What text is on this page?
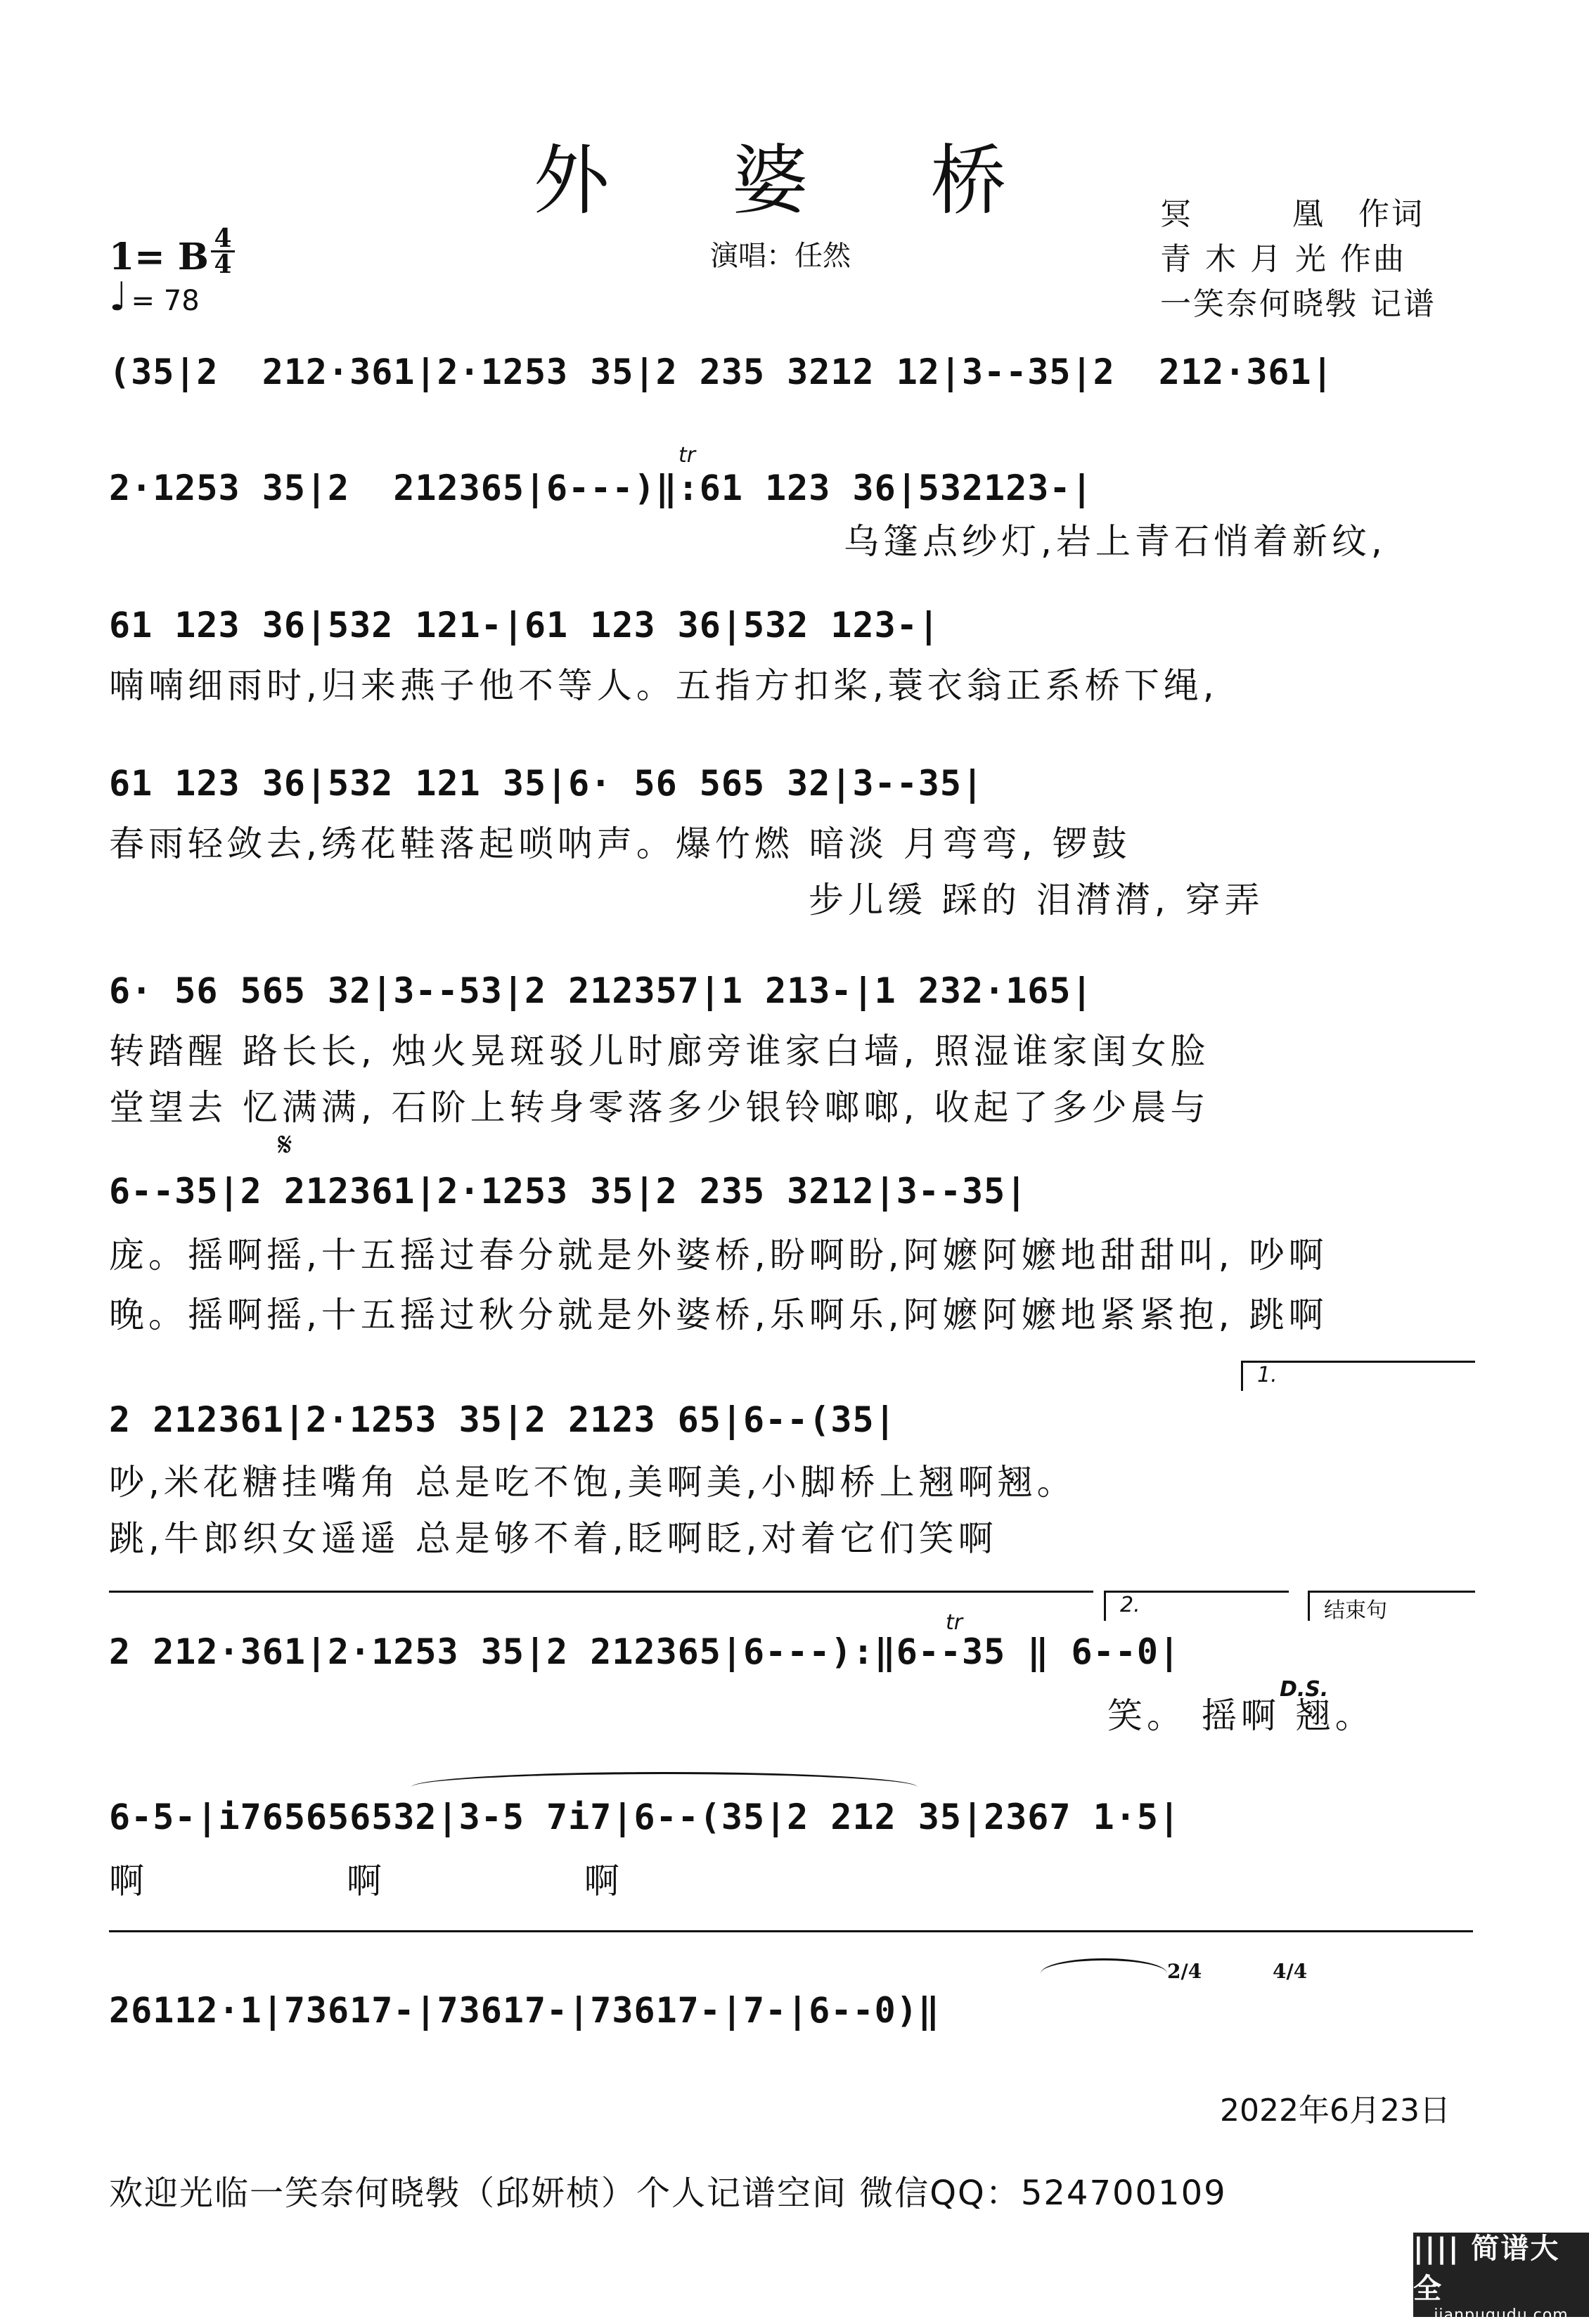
外 婆 桥	冥　　　凰　作词
青 木 月 光 作曲
一笑奈何晓斅 记谱
1= B 4
4
♩ = 78
演唱：任然
(35|2  212·361|2·1253 35|2 235 3212 12|3--35|2  212·361|
tr
2·1253 35|2  212365|6---)‖:61 123 36|532123-|
乌篷点纱灯,岩上青石悄着新纹,
61 123 36|532 121-|61 123 36|532 123-|
喃喃细雨时,归来燕子他不等人。五指方扣桨,蓑衣翁正系桥下绳,
61 123 36|532 121 35|6· 56 565 32|3--35|
春雨轻敛去,绣花鞋落起唢呐声。爆竹燃 暗淡 月弯弯, 锣鼓
步儿缓 踩的 泪潸潸, 穿弄
6· 56 565 32|3--53|2 212357|1 213-|1 232·165|
转踏醒 路长长, 烛火晃斑驳儿时廊旁谁家白墙, 照湿谁家闺女脸
堂望去 忆满满, 石阶上转身零落多少银铃啷啷, 收起了多少晨与
𝄋
6--35|2 212361|2·1253 35|2 235 3212|3--35|
庞。摇啊摇,十五摇过春分就是外婆桥,盼啊盼,阿嬷阿嬷地甜甜叫, 吵啊
晚。摇啊摇,十五摇过秋分就是外婆桥,乐啊乐,阿嬷阿嬷地紧紧抱, 跳啊
1.
2 212361|2·1253 35|2 2123 65|6--(35|
吵,米花糖挂嘴角 总是吃不饱,美啊美,小脚桥上翘啊翘。
跳,牛郎织女遥遥 总是够不着,眨啊眨,对着它们笑啊
2.	结束句
tr
2 212·361|2·1253 35|2 212365|6---):‖6--35 ‖ 6--0|
笑。 摇啊 翘。
D.S.
6-5-|i765656532|3-5 7i7|6--(35|2 212 35|2367 1·5|
啊 啊 啊
2/4	4/4
26112·1|73617-|73617-|73617-|7-|6--0)‖
2022年6月23日
欢迎光临一笑奈何晓斅（邱妍桢）个人记谱空间 微信QQ：524700109
|||| 简谱大全
jianpuqudu.com
